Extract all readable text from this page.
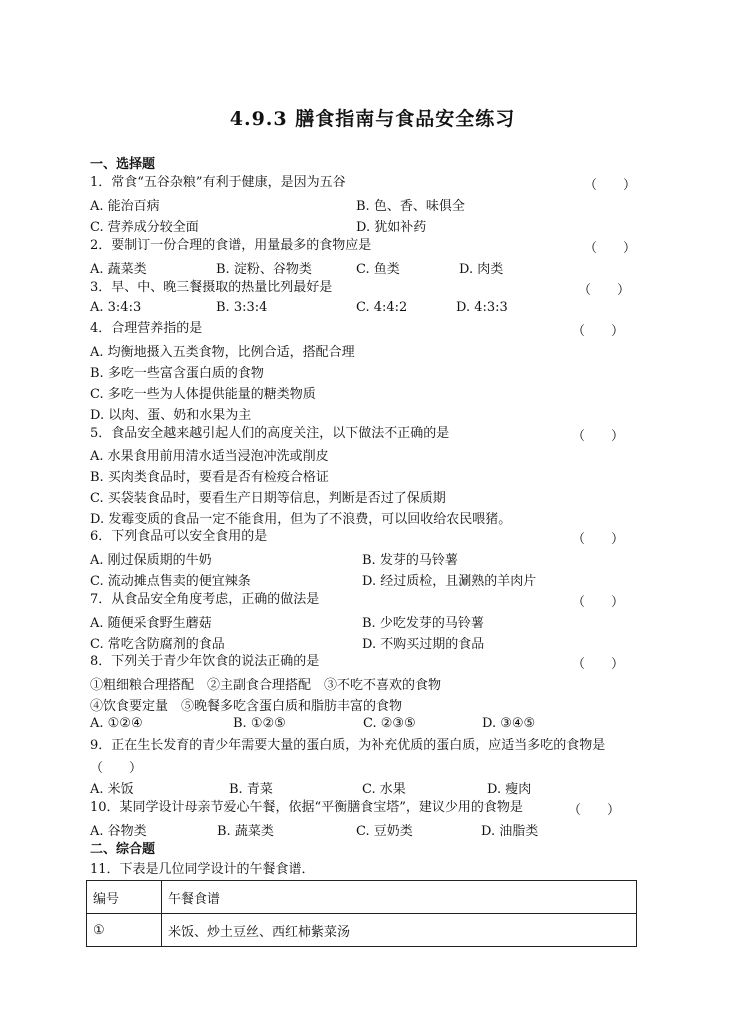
4.9.3 膳食指南与食品安全练习
一、选择题
1．常食“五谷杂粮”有利于健康，是因为五谷	（　　）
A. 能治百病	B. 色、香、味俱全
C. 营养成分较全面	D. 犹如补药
2．要制订一份合理的食谱，用量最多的食物应是	（　　）
A. 蔬菜类	B. 淀粉、谷物类	C. 鱼类	D. 肉类
3．早、中、晚三餐摄取的热量比列最好是	（　　）
A. 3:4:3	B. 3:3:4	C. 4:4:2	D. 4:3:3
4．合理营养指的是	（　　）
A. 均衡地摄入五类食物，比例合适，搭配合理
B. 多吃一些富含蛋白质的食物
C. 多吃一些为人体提供能量的糖类物质
D. 以肉、蛋、奶和水果为主
5．食品安全越来越引起人们的高度关注，以下做法不正确的是	（　　）
A. 水果食用前用清水适当浸泡冲洗或削皮
B. 买肉类食品时，要看是否有检疫合格证
C. 买袋装食品时，要看生产日期等信息，判断是否过了保质期
D. 发霉变质的食品一定不能食用，但为了不浪费，可以回收给农民喂猪。
6．下列食品可以安全食用的是	（　　）
A. 刚过保质期的牛奶	B. 发芽的马铃薯
C. 流动摊点售卖的便宜辣条	D. 经过质检，且涮熟的羊肉片
7．从食品安全角度考虑，正确的做法是	（　　）
A. 随便采食野生蘑菇	B. 少吃发芽的马铃薯
C. 常吃含防腐剂的食品	D. 不购买过期的食品
8．下列关于青少年饮食的说法正确的是	（　　）
①粗细粮合理搭配　②主副食合理搭配　③不吃不喜欢的食物
④饮食要定量　⑤晚餐多吃含蛋白质和脂肪丰富的食物
A. ①②④	B. ①②⑤	C. ②③⑤	D. ③④⑤
9．正在生长发育的青少年需要大量的蛋白质，为补充优质的蛋白质，应适当多吃的食物是
（　　）
A. 米饭	B. 青菜	C. 水果	D. 瘦肉
10．某同学设计母亲节爱心午餐，依据“平衡膳食宝塔”，建议少用的食物是	（　　）
A. 谷物类	B. 蔬菜类	C. 豆奶类	D. 油脂类
二、综合题
11．下表是几位同学设计的午餐食谱．
编号	午餐食谱
①	米饭、炒土豆丝、西红柿紫菜汤
